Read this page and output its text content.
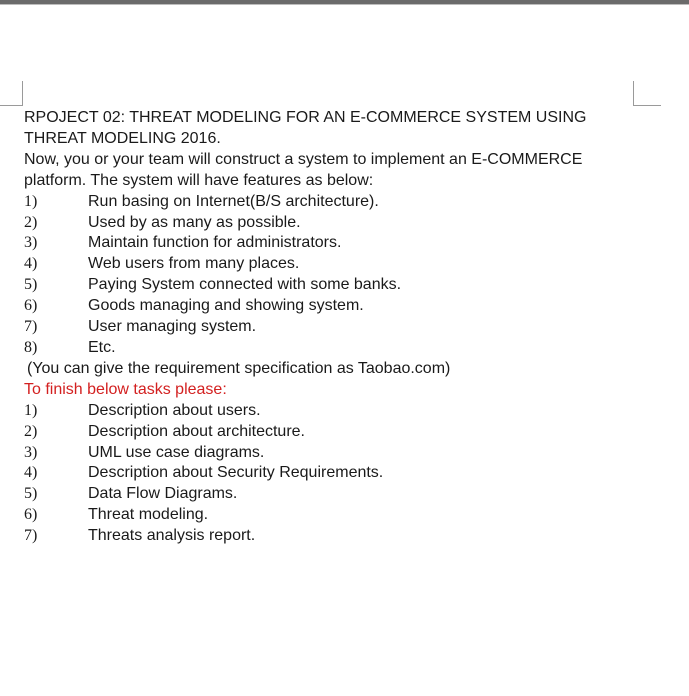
RPOJECT 02: THREAT MODELING FOR AN E-COMMERCE SYSTEM USING
THREAT MODELING 2016.
Now, you or your team will construct a system to implement an E-COMMERCE
platform. The system will have features as below:
1)	Run basing on Internet(B/S architecture).
2)	Used by as many as possible.
3)	Maintain function for administrators.
4)	Web users from many places.
5)	Paying System connected with some banks.
6)	Goods managing and showing system.
7)	User managing system.
8)	Etc.
(You can give the requirement specification as Taobao.com)
To finish below tasks please:
1)	Description about users.
2)	Description about architecture.
3)	UML use case diagrams.
4)	Description about Security Requirements.
5)	Data Flow Diagrams.
6)	Threat modeling.
7)	Threats analysis report.
